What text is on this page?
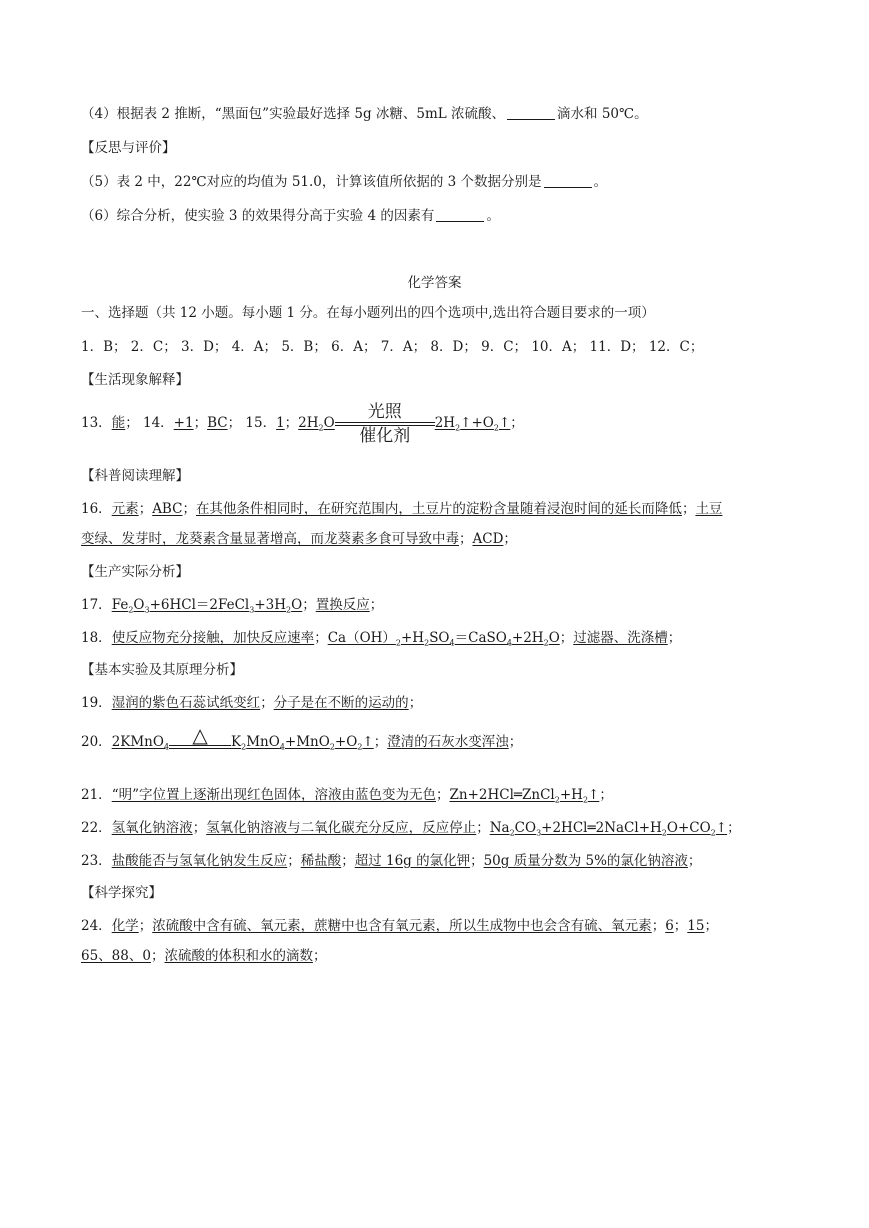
（4）根据表 2 推断，“黑面包”实验最好选择 5g 冰糖、5mL 浓硫酸、	滴水和 50℃。
【反思与评价】
（5）表 2 中，22℃对应的均值为 51.0，计算该值所依据的 3 个数据分别是	。
（6）综合分析，使实验 3 的效果得分高于实验 4 的因素有	。
化学答案
一、选择题（共 12 小题。每小题 1 分。在每小题列出的四个选项中,选出符合题目要求的一项）
1．B； 2．C； 3．D； 4．A； 5．B； 6．A； 7．A； 8．D； 9．C； 10．A； 11．D； 12．C；
【生活现象解释】
13．能； 14．+1；BC； 15．1；$2H_2O$
光照
催化剂
$2H_2↑+O_2↑$；
【科普阅读理解】
16．元素；ABC；在其他条件相同时，在研究范围内，土豆片的淀粉含量随着浸泡时间的延长而降低；土豆
变绿、发芽时，龙葵素含量显著增高，而龙葵素多食可导致中毒；ACD；
【生产实际分析】
17．$Fe_2O_3+6HCl=2FeCl_3+3H_2O$；置换反应；
18．使反应物充分接触，加快反应速率；$Ca(OH)_2+H_2SO_4=CaSO_4+2H_2O$；过滤器、洗涤槽；
【基本实验及其原理分析】
19．湿润的紫色石蕊试纸变红；分子是在不断的运动的；
20．2KMnO$_4$
△	$K_2MnO_4+MnO_2+O_2↑$；澄清的石灰水变浑浊；
21．“明”字位置上逐渐出现红色固体，溶液由蓝色变为无色；$Zn+2HCl═ZnCl_2+H_2↑$；
22．氢氧化钠溶液；氢氧化钠溶液与二氧化碳充分反应，反应停止；$Na_2CO_3+2HCl═2NaCl+H_2O+CO_2↑$；
23．盐酸能否与氢氧化钠发生反应；稀盐酸；超过 16g 的氯化钾；50g 质量分数为 5%的氯化钠溶液；
【科学探究】
24．化学；浓硫酸中含有硫、氧元素，蔗糖中也含有氧元素，所以生成物中也会含有硫、氧元素；6；15；
65、88、0；浓硫酸的体积和水的滴数；
